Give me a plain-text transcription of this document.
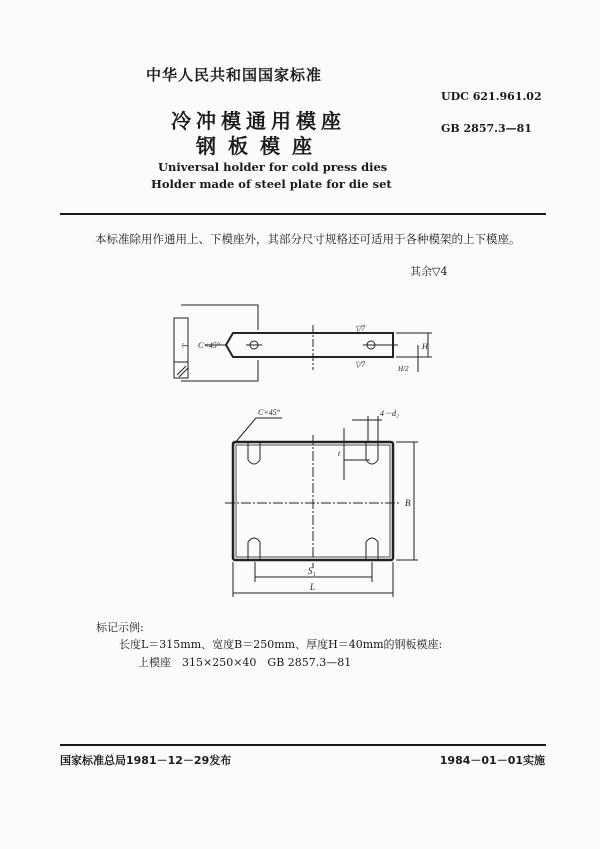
中华人民共和国国家标准
UDC 621.961.02
冷冲模通用模座	GB 2857.3—81
钢板模座
Universal holder for cold press dies
Holder made of steel plate for die set
本标准除用作通用上、下模座外，其部分尺寸规格还可适用于各种模架的上下模座。
其余▽4
T C×45°
▽7
▽7
H
H/2
C×45°	4－d₂
t
B
S₁
L
标记示例:
长度L＝315mm、宽度B＝250mm、厚度H＝40mm的钢板模座:
上模座　315×250×40　GB 2857.3—81
国家标准总局1981－12－29发布	1984－01－01实施
